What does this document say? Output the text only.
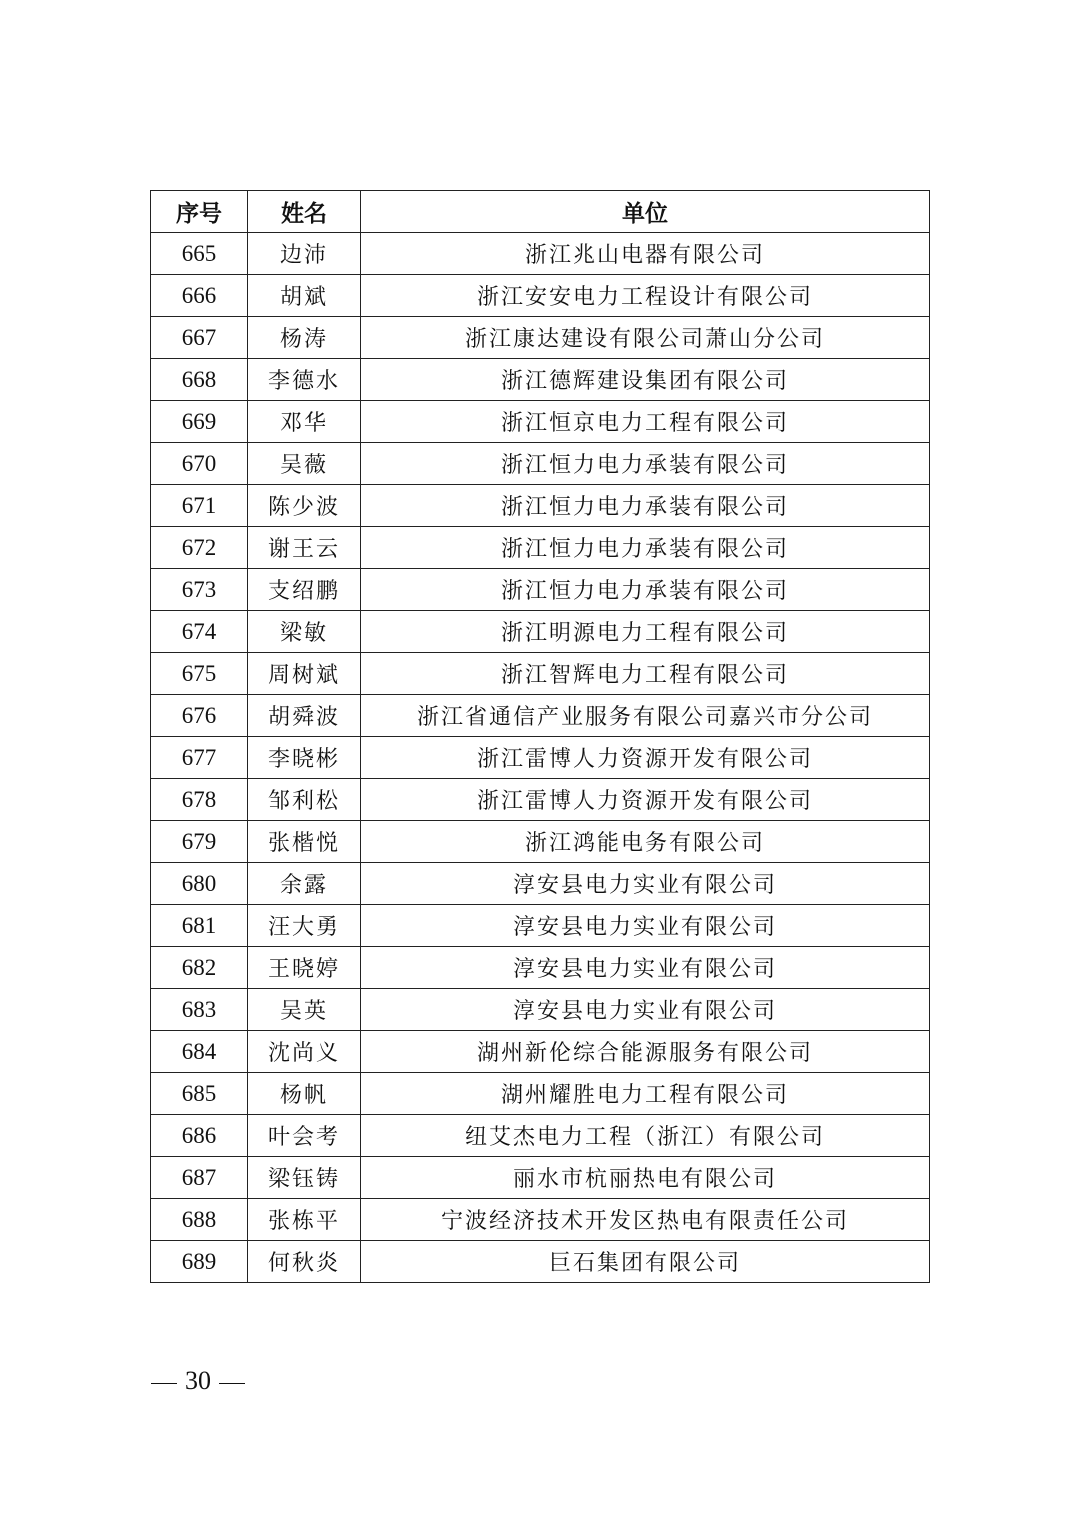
序号	姓名	单位
665	边沛	浙江兆山电器有限公司
666	胡斌	浙江安安电力工程设计有限公司
667	杨涛	浙江康达建设有限公司萧山分公司
668	李德水	浙江德辉建设集团有限公司
669	邓华	浙江恒京电力工程有限公司
670	吴薇	浙江恒力电力承装有限公司
671	陈少波	浙江恒力电力承装有限公司
672	谢王云	浙江恒力电力承装有限公司
673	支绍鹏	浙江恒力电力承装有限公司
674	梁敏	浙江明源电力工程有限公司
675	周树斌	浙江智辉电力工程有限公司
676	胡舜波	浙江省通信产业服务有限公司嘉兴市分公司
677	李晓彬	浙江雷博人力资源开发有限公司
678	邹利松	浙江雷博人力资源开发有限公司
679	张楷悦	浙江鸿能电务有限公司
680	余露	淳安县电力实业有限公司
681	汪大勇	淳安县电力实业有限公司
682	王晓婷	淳安县电力实业有限公司
683	吴英	淳安县电力实业有限公司
684	沈尚义	湖州新伦综合能源服务有限公司
685	杨帆	湖州耀胜电力工程有限公司
686	叶会考	纽艾杰电力工程（浙江）有限公司
687	梁钰铸	丽水市杭丽热电有限公司
688	张栋平	宁波经济技术开发区热电有限责任公司
689	何秋炎	巨石集团有限公司
30
